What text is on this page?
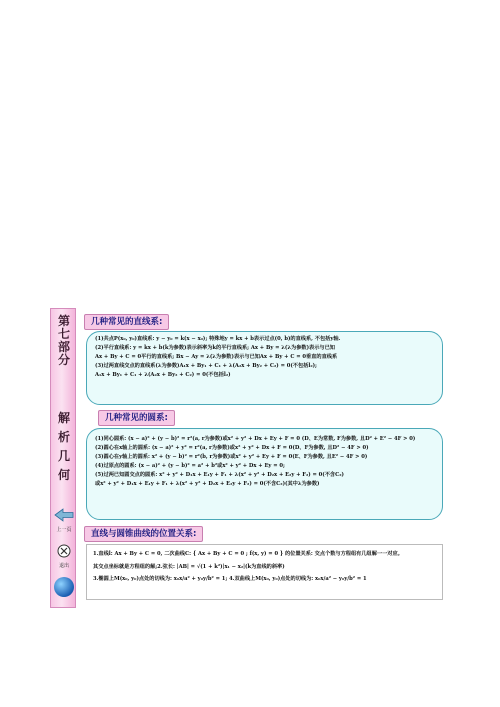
第七部分
解析几何
上一页
退出
几种常见的直线系:
(1)共点P(x₀, y₀)直线系: y − y₀ = k(x − x₀); 特殊地y = kx + b表示过点(0, b)的直线系, 不包括y轴.
(2)平行直线系: y = kx + b(k为参数)表示斜率为k的平行直线系; Ax + By = λ(λ为参数)表示与已知
Ax + By + C = 0平行的直线系; Bx − Ay = λ(λ为参数)表示与已知Ax + By + C = 0垂直的直线系
(3)过两直线交点的直线系(λ为参数)A₁x + By₁ + C₁ + λ(A₂x + By₂ + C₂) = 0(不包括l₂);
A₁x + By₁ + C₁ + λ(A₂x + By₂ + C₂) = 0(不包括l₂)
几种常见的圆系:
(1)同心圆系: (x − a)² + (y − b)² = r²(a, r为参数)或x² + y² + Dx + Ey + F = 0 (D、E为常数, F为参数, 且D² + E² − 4F > 0)
(2)圆心在x轴上的圆系: (x − a)² + y² = r²(a, r为参数)或x² + y² + Dx + F = 0(D、F为参数, 且D² − 4F > 0)
(3)圆心在y轴上的圆系: x² + (y − b)² = r²(b, r为参数)或x² + y² + Ey + F = 0(E、F为参数, 且E² − 4F > 0)
(4)过原点的圆系: (x − a)² + (y − b)² = a² + b²或x² + y² + Dx + Ey = 0;
(5)过两已知圆交点的圆系: x² + y² + D₁x + E₁y + F₁ + λ(x² + y² + D₂x + E₂y + F₂) = 0(不含C₂)
或x² + y² + D₁x + E₁y + F₁ + λ(x² + y² + D₂x + E₂y + F₂) = 0(不含C₂)(其中λ为参数)
直线与圆锥曲线的位置关系:
1.直线l: Ax + By + C = 0, 二次曲线C: { Ax + By + C = 0 ; f(x, y) = 0 } 的位置关系: 交点个数与方程组有几组解一一对应。
其交点坐标就是方程组的解;2.弦长: |AB| = √(1 + k²)|x₁ − x₂|(k为直线的斜率)
3.椭圆上M(x₀, y₀)点处的切线为: x₀x/a² + y₀y/b² = 1; 4.双曲线上M(x₀, y₀)点处的切线为: x₀x/a² − y₀y/b² = 1
